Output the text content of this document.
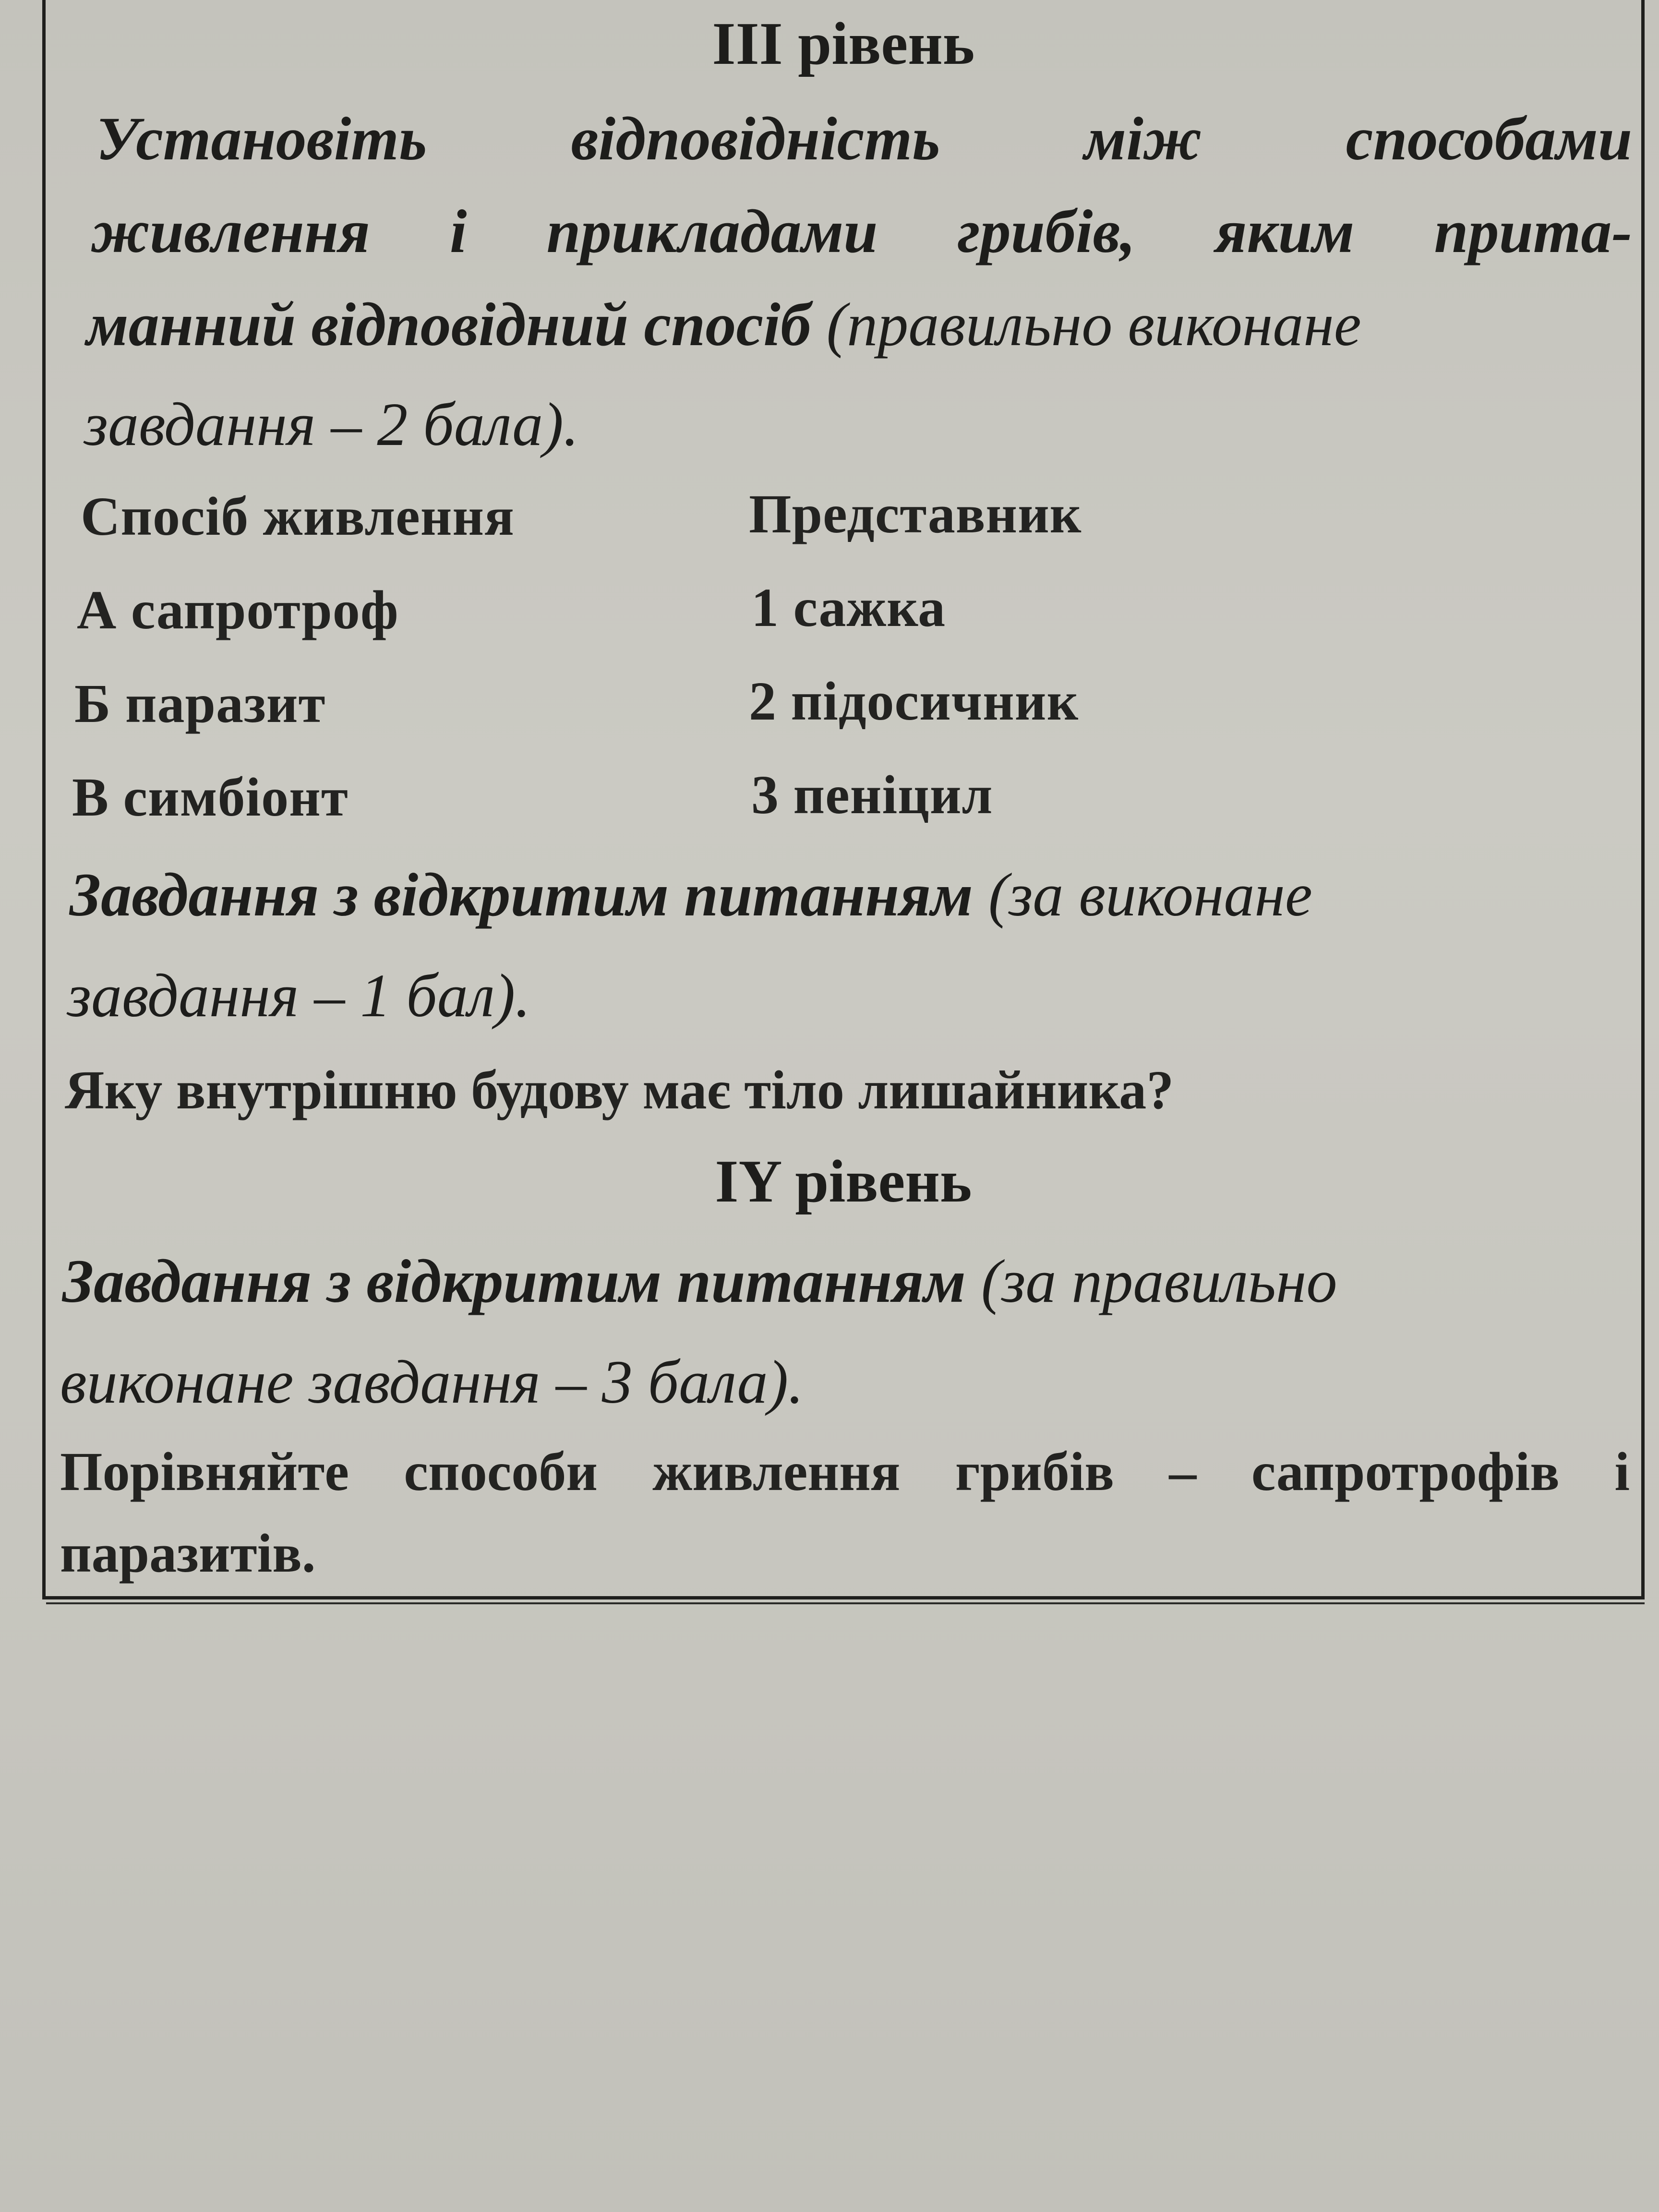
III рівень

Установіть відповідність між способами

живлення і прикладами грибів, яким прита-

манний відповідний спосіб (правильно виконане

завдання – 2 бала).

Спосіб живлення	Представник

А сапротроф	1 сажка

Б паразит	2 підосичник

В симбіонт	3 пеніцил

Завдання з відкритим питанням (за виконане

завдання – 1 бал).

Яку внутрішню будову має тіло лишайника?

IY рівень

Завдання з відкритим питанням (за правильно

виконане завдання – 3 бала).

Порівняйте способи живлення грибів – сапротрофів і

паразитів.
